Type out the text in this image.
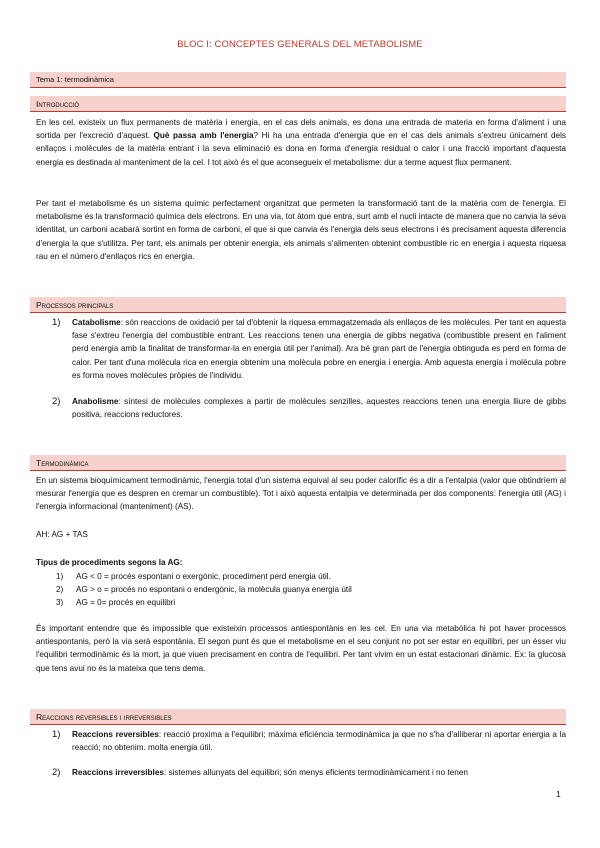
BLOC I: CONCEPTES GENERALS DEL METABOLISME
Tema 1: termodinàmica
Introducció

En les cel. existeix un flux permanents de matèria i energia, en el cas dels animals, es dona una entrada de materia en forma d'aliment i una sortida per l'excreció d'aquest. Què passa amb l'energia? Hi ha una entrada d'energia que en el cas dels animals s'extreu únicament dels enllaços i molècules de la matèria entrant i la seva eliminació es dona en forma d'energia residual o calor i una fracció important d'aquesta energia es destinada al manteniment de la cel. I tot això és el que aconsegueix el metabolisme: dur a terme aquest flux permanent.

Per tant el metabolisme és un sistema químic perfectament organitzat que permeten la transformació tant de la matèria com de l'energia. El metabolisme és la transformació química dels electrons. En una via, tot àtom que entra, surt amb el nucli intacte de manera que no canvia la seva identitat, un carboni acabarà sortint en forma de carboni, el que si que canvia és l'energia dels seus electrons i és precisament aquesta diferencia d'energia la que s'utilitza. Per tant, els animals per obtenir energia, els animals s'alimenten obtenint combustible ric en energia i aquesta riquesa rau en el número d'enllaços rics en energia.

Processos principals

1) Catabolisme: són reaccions de oxidació per tal d'obtenir la riquesa emmagatzemada als enllaços de les molècules. Per tant en aquesta fase s'extreu l'energia del combustible entrant. Les reaccions tenen una energia de gibbs negativa (combustible present en l'aliment perd energia amb la finalitat de transformar-la en energia útil per l'animal). Ara bé gran part de l'energia obtinguda es perd en forma de calor. Per tant d'una molècula rica en energia obtenim una molècula pobre en energia i energia. Amb aquesta energia i molècula pobre es forma noves molècules pròpies de l'individu.

2) Anabolisme: síntesi de molècules complexes a partir de molècules senzilles, aquestes reaccions tenen una energia lliure de gibbs positiva, reaccions reductores.

Termodinàmica

En un sistema bioquímicament termodinàmic, l'energia total d'un sistema equival al seu poder calorífic és a dir a l'entalpia (valor que obtindríem al mesurar l'energia que es despren en cremar un combustible). Tot i això aquesta entalpia ve determinada per dos components: l'energia útil (AG) i l'energia informacional (manteniment) (AS).

AH: AG + TAS

Tipus de procediments segons la AG:

1) AG < 0 = procés espontani o exergònic, procediment perd energia útil.

2) AG > o = procés no espontani o endergònic, la molècula guanya energia útil

3) AG = 0= procés en equilibri

És important entendre que és impossible que existeixin processos antiespontànis en les cel. En una via metabòlica hi pot haver processos antiespontanis, però la via serà espontània. El segon punt és que el metabolisme en el seu conjunt no pot ser estar en equilibri, per un ésser viu l'equilibri termodinàmic és la mort, ja que viuen precisament en contra de l'equilibri. Per tant vivim en un estat estacionari dinàmic. Ex: la glucosa que tens avui no és la mateixa que tens dema.

Reaccions reversibles i irreversibles

1) Reaccions reversibles: reacció proxima a l'equilibri; màxima eficiència termodinàmica ja que no s'ha d'alliberar ni aportar energia a la reacció; no obtenim. molta energia útil.

2) Reaccions irreversibles: sistemes allunyats del equilibri; són menys eficients termodinàmicament i no tenen

1
